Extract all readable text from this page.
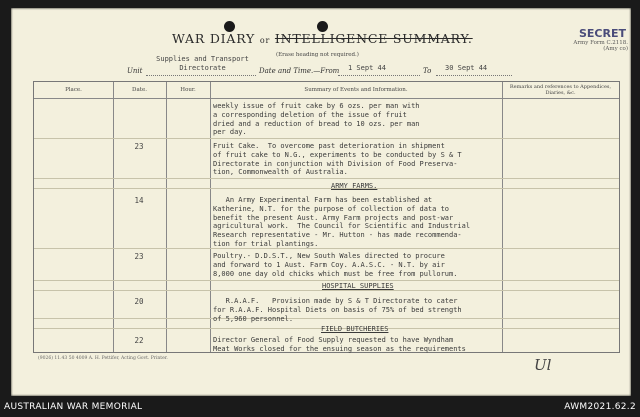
WAR DIARY or INTELLIGENCE SUMMARY.
(Erase heading not required.)
SECRET
Army Form C.2118.
(Amy co)
Unit
Supplies and Transport
Directorate	Date and Time.—From 1 Sept 44	To 30 Sept 44
Place.	Date.	Hour.	Summary of Events and Information.	Remarks and references to Appendices, Diaries, &c.
weekly issue of fruit cake by 6 ozs. per man with
a corresponding deletion of the issue of fruit
dried and a reduction of bread to 10 ozs. per man
per day.
23	Fruit Cake.  To overcome past deterioration in shipment
of fruit cake to N.G., experiments to be conducted by S & T
Directorate in conjunction with Division of Food Preserva-
tion, Commonwealth of Australia.
ARMY FARMS.
14	An Army Experimental Farm has been established at
Katherine, N.T. for the purpose of collection of data to
benefit the present Aust. Army Farm projects and post-war
agricultural work.  The Council for Scientific and Industrial
Research representative - Mr. Hutton - has made recommenda-
tion for trial plantings.
23	Poultry.- D.D.S.T., New South Wales directed to procure
and forward to 1 Aust. Farm Coy. A.A.S.C. - N.T. by air
8,000 one day old chicks which must be free from pullorum.
HOSPITAL SUPPLIES
20	R.A.A.F.   Provision made by S & T Directorate to cater
for R.A.A.F. Hospital Diets on basis of 75% of bed strength
of 5,960 personnel.
FIELD BUTCHERIES
22	Director General of Food Supply requested to have Wyndham
Meat Works closed for the ensuing season as the requirements
(9026) 11.43 50 4009 A. H. Pettifer, Acting Govt. Printer.	Ul
AUSTRALIAN WAR MEMORIAL	AWM2021.62.2
